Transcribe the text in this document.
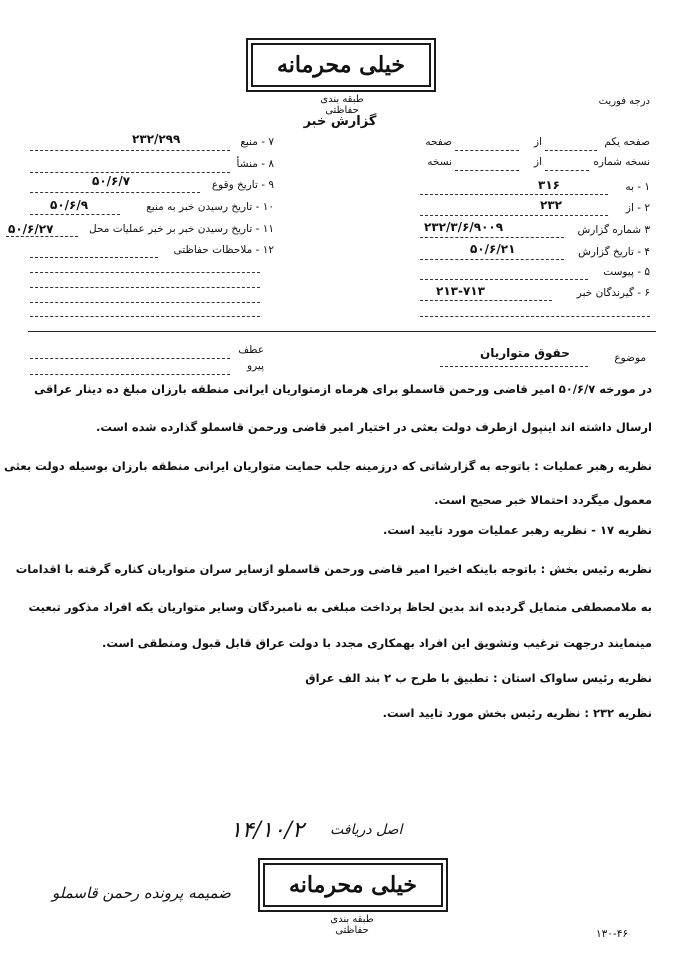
خیلی محرمانه
طبقه بندی حفاظتی
گزارش خبر
درجه فوریت
۷ - منبع
۲۳۲/۲۹۹
۸ - منشأ
۹ - تاریخ وقوع
۵۰/۶/۷
۱۰ - تاریخ رسیدن خبر به منبع
۵۰/۶/۹
۱۱ - تاریخ رسیدن خبر بر خبر عملیات محل
۵۰/۶/۲۷
۱۲ - ملاحظات حفاظتی
صفحه یکم
از
صفحه
نسخه شماره
از
نسخه
۱ - به
۳۱۶
۲ - از
۲۳۲
۳ شماره گزارش
۲۳۲/۳/۶/۹۰۰۹
۴ - تاریخ گزارش
۵۰/۶/۲۱
۵ - پیوست
۶ - گیرندگان خبر
۲۱۳-۷۱۳
موضوع
حقوق متواریان
عطف
پیرو
در مورخه ۵۰/۶/۷ امیر قاضی ورحمن قاسملو برای هرماه ازمتواریان ایرانی منطقه بارزان مبلغ ده دینار عراقی
ارسال داشته اند اینپول ازطرف دولت بعثی در اختیار امیر قاضی ورحمن قاسملو گذارده شده است.
نظریه رهبر عملیات : باتوجه به گزارشاتی که درزمینه جلب حمایت متواریان ایرانی منطقه بارزان بوسیله دولت بعثی
معمول میگردد احتمالا خبر صحیح است.
نظریه ۱۷ - نظریه رهبر عملیات مورد تایید است.
نظریه رئیس بخش : باتوجه باینکه اخیرا امیر قاضی ورحمن قاسملو ازسایر سران متواریان کناره گرفته با اقدامات
به ملامصطفی متمایل گردیده اند بدین لحاظ پرداخت مبلغی به نامبردگان وسایر متواریان یکه افراد مذکور تبعیت
مینمایند درجهت ترغیب وتشویق این افراد بهمکاری مجدد با دولت عراق قابل قبول ومنطقی است.
نظریه رئیس ساواک استان : تطبیق با طرح ب ۲ بند الف عراق
نظریه ۲۳۲ : نظریه رئیس بخش مورد تایید است.
اصل دریافت
۱۴/۱۰/۲
ضمیمه پرونده رحمن قاسملو	خیلی محرمانه
طبقه بندی حفاظتی	۱۳۰-۴۶
